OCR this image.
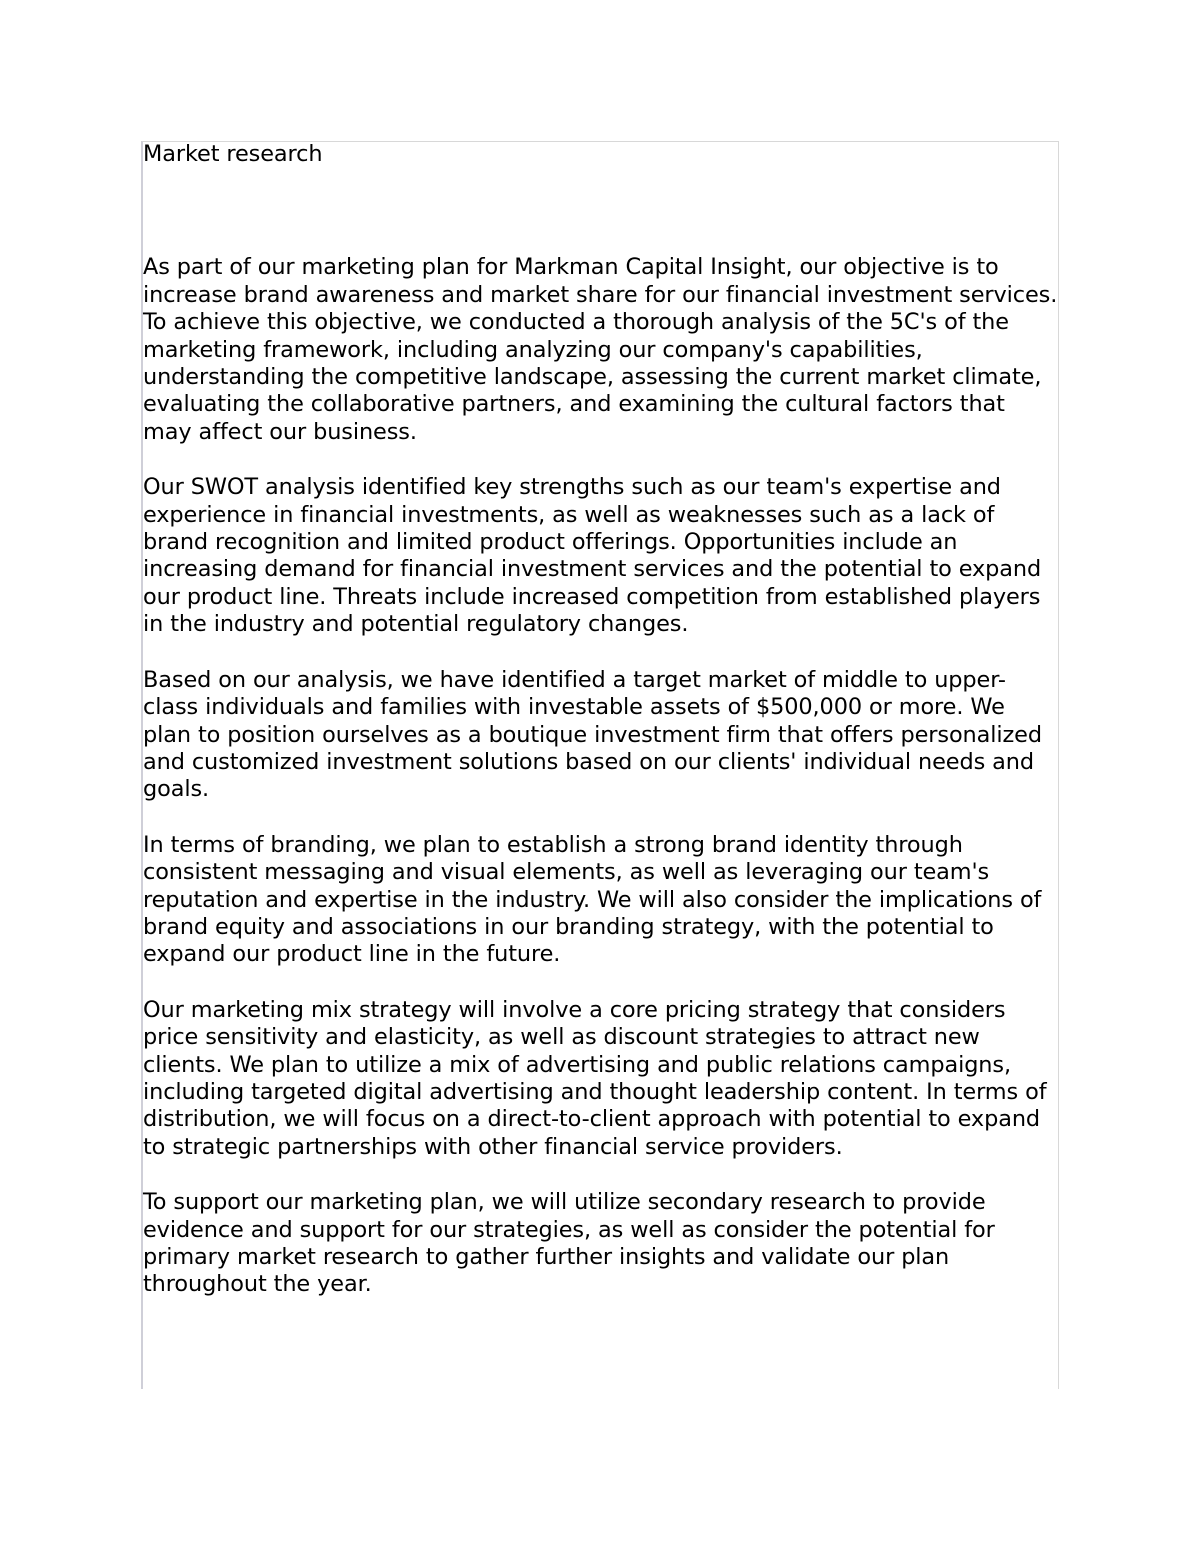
Market research

As part of our marketing plan for Markman Capital Insight, our objective is to increase brand awareness and market share for our financial investment services. To achieve this objective, we conducted a thorough analysis of the 5C's of the marketing framework, including analyzing our company's capabilities, understanding the competitive landscape, assessing the current market climate, evaluating the collaborative partners, and examining the cultural factors that may affect our business.

Our SWOT analysis identified key strengths such as our team's expertise and experience in financial investments, as well as weaknesses such as a lack of brand recognition and limited product offerings. Opportunities include an increasing demand for financial investment services and the potential to expand our product line. Threats include increased competition from established players in the industry and potential regulatory changes.

Based on our analysis, we have identified a target market of middle to upper-class individuals and families with investable assets of $500,000 or more. We plan to position ourselves as a boutique investment firm that offers personalized and customized investment solutions based on our clients' individual needs and goals.

In terms of branding, we plan to establish a strong brand identity through consistent messaging and visual elements, as well as leveraging our team's reputation and expertise in the industry. We will also consider the implications of brand equity and associations in our branding strategy, with the potential to expand our product line in the future.

Our marketing mix strategy will involve a core pricing strategy that considers price sensitivity and elasticity, as well as discount strategies to attract new clients. We plan to utilize a mix of advertising and public relations campaigns, including targeted digital advertising and thought leadership content. In terms of distribution, we will focus on a direct-to-client approach with potential to expand to strategic partnerships with other financial service providers.

To support our marketing plan, we will utilize secondary research to provide evidence and support for our strategies, as well as consider the potential for primary market research to gather further insights and validate our plan throughout the year.
